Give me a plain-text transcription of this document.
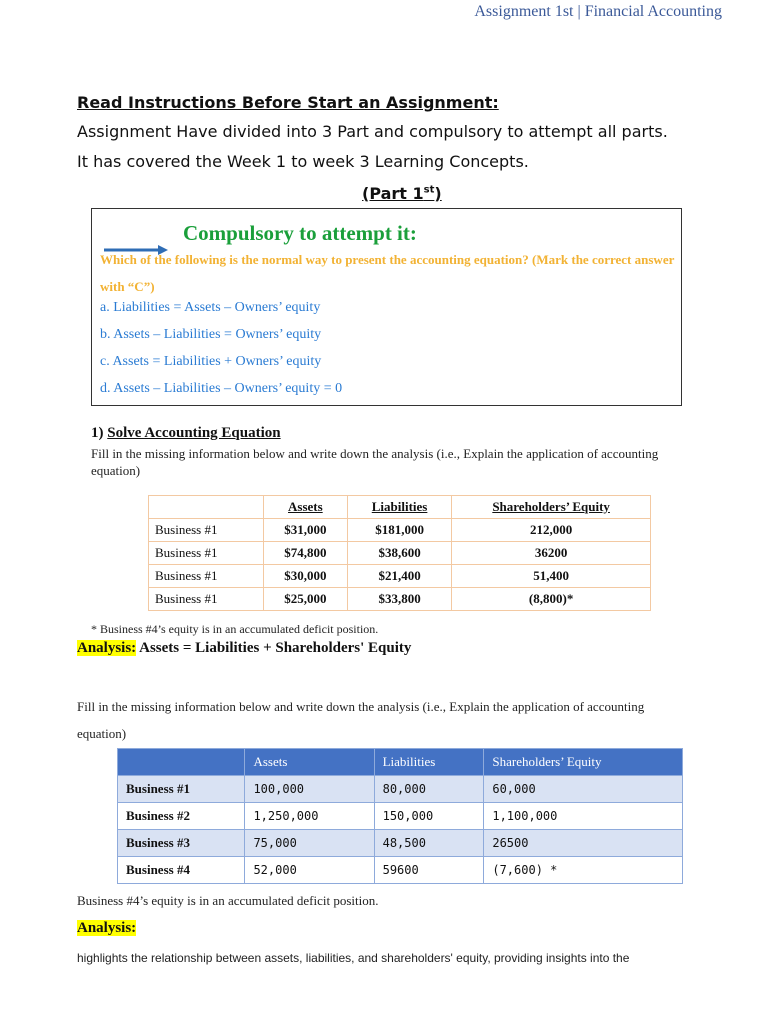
Assignment 1st | Financial Accounting
Read Instructions Before Start an Assignment:
Assignment Have divided into 3 Part and compulsory to attempt all parts.
It has covered the Week 1 to week 3 Learning Concepts.
(Part 1st)
Compulsory to attempt it:
Which of the following is the normal way to present the accounting equation? (Mark the correct answer with “C”)
a. Liabilities = Assets – Owners’ equity
b. Assets – Liabilities = Owners’ equity
c. Assets = Liabilities + Owners’ equity
d. Assets – Liabilities – Owners’ equity = 0
1) Solve Accounting Equation
Fill in the missing information below and write down the analysis (i.e., Explain the application of accounting equation)
	Assets	Liabilities	Shareholders’ Equity
Business #1	$31,000	$181,000	212,000
Business #1	$74,800	$38,600	36200
Business #1	$30,000	$21,400	51,400
Business #1	$25,000	$33,800	(8,800)*
* Business #4’s equity is in an accumulated deficit position.
Analysis: Assets = Liabilities + Shareholders' Equity
Fill in the missing information below and write down the analysis (i.e., Explain the application of accounting equation)
	Assets	Liabilities	Shareholders’ Equity
Business #1	100,000	80,000	60,000
Business #2	1,250,000	150,000	1,100,000
Business #3	75,000	48,500	26500
Business #4	52,000	59600	(7,600) *
Business #4’s equity is in an accumulated deficit position.
Analysis:
highlights the relationship between assets, liabilities, and shareholders' equity, providing insights into the
